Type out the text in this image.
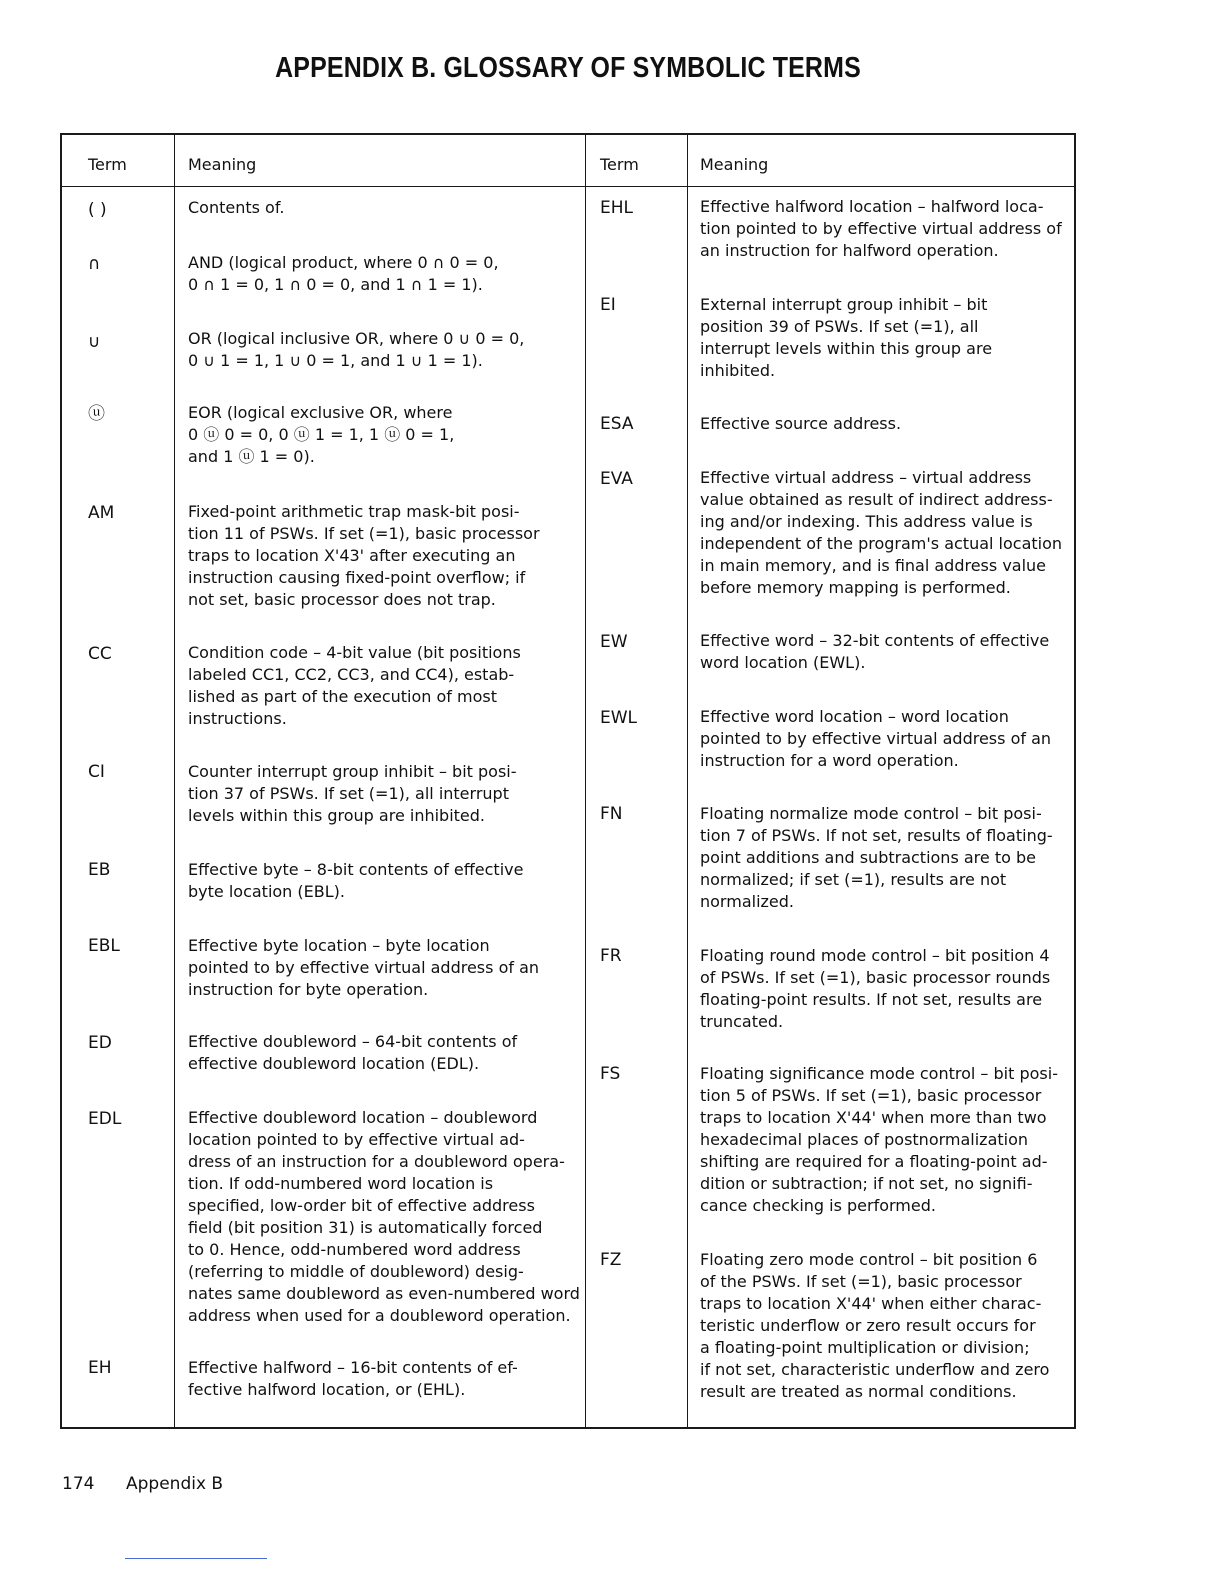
APPENDIX B. GLOSSARY OF SYMBOLIC TERMS
Term	Meaning	Term	Meaning
( )	Contents of.
∩	AND (logical product, where 0 ∩ 0 = 0,
0 ∩ 1 = 0, 1 ∩ 0 = 0, and 1 ∩ 1 = 1).
∪	OR (logical inclusive OR, where 0 ∪ 0 = 0,
0 ∪ 1 = 1, 1 ∪ 0 = 1, and 1 ∪ 1 = 1).
ⓤ	EOR (logical exclusive OR, where
0 ⓤ 0 = 0, 0 ⓤ 1 = 1, 1 ⓤ 0 = 1,
and 1 ⓤ 1 = 0).
AM	Fixed-point arithmetic trap mask-bit posi-
tion 11 of PSWs. If set (=1), basic processor
traps to location X'43' after executing an
instruction causing fixed-point overflow; if
not set, basic processor does not trap.
CC	Condition code – 4-bit value (bit positions
labeled CC1, CC2, CC3, and CC4), estab-
lished as part of the execution of most
instructions.
CI	Counter interrupt group inhibit – bit posi-
tion 37 of PSWs. If set (=1), all interrupt
levels within this group are inhibited.
EB	Effective byte – 8-bit contents of effective
byte location (EBL).
EBL	Effective byte location – byte location
pointed to by effective virtual address of an
instruction for byte operation.
ED	Effective doubleword – 64-bit contents of
effective doubleword location (EDL).
EDL	Effective doubleword location – doubleword
location pointed to by effective virtual ad-
dress of an instruction for a doubleword opera-
tion. If odd-numbered word location is
specified, low-order bit of effective address
field (bit position 31) is automatically forced
to 0. Hence, odd-numbered word address
(referring to middle of doubleword) desig-
nates same doubleword as even-numbered word
address when used for a doubleword operation.
EH	Effective halfword – 16-bit contents of ef-
fective halfword location, or (EHL).
EHL	Effective halfword location – halfword loca-
tion pointed to by effective virtual address of
an instruction for halfword operation.
EI	External interrupt group inhibit – bit
position 39 of PSWs. If set (=1), all
interrupt levels within this group are
inhibited.
ESA	Effective source address.
EVA	Effective virtual address – virtual address
value obtained as result of indirect address-
ing and/or indexing. This address value is
independent of the program's actual location
in main memory, and is final address value
before memory mapping is performed.
EW	Effective word – 32-bit contents of effective
word location (EWL).
EWL	Effective word location – word location
pointed to by effective virtual address of an
instruction for a word operation.
FN	Floating normalize mode control – bit posi-
tion 7 of PSWs. If not set, results of floating-
point additions and subtractions are to be
normalized; if set (=1), results are not
normalized.
FR	Floating round mode control – bit position 4
of PSWs. If set (=1), basic processor rounds
floating-point results. If not set, results are
truncated.
FS	Floating significance mode control – bit posi-
tion 5 of PSWs. If set (=1), basic processor
traps to location X'44' when more than two
hexadecimal places of postnormalization
shifting are required for a floating-point ad-
dition or subtraction; if not set, no signifi-
cance checking is performed.
FZ	Floating zero mode control – bit position 6
of the PSWs. If set (=1), basic processor
traps to location X'44' when either charac-
teristic underflow or zero result occurs for
a floating-point multiplication or division;
if not set, characteristic underflow and zero
result are treated as normal conditions.
174 Appendix B
